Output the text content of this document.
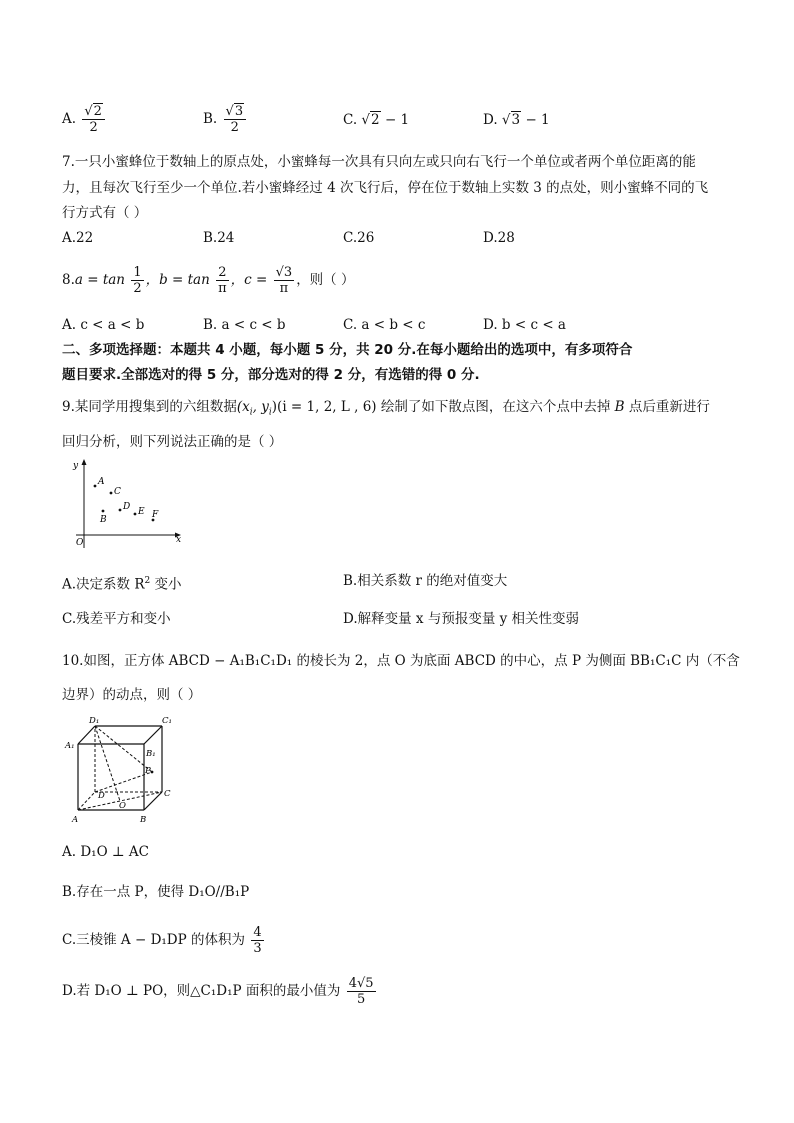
A. $\frac{√2}{2}$	B. $\frac{√3}{2}$	C. √2 − 1	D. √3 − 1
7.一只小蜜蜂位于数轴上的原点处，小蜜蜂每一次具有只向左或只向右飞行一个单位或者两个单位距离的能
力，且每次飞行至少一个单位.若小蜜蜂经过 4 次飞行后，停在位于数轴上实数 3 的点处，则小蜜蜂不同的飞
行方式有（ ）
A.22	B.24	C.26	D.28
$8.a = \tan \frac{1}{2}$ ，$b = \tan \frac{2}{\pi}$ ，$c = \frac{√3}{\pi}$ ，则（ ）
A. c < a < b	B. a < c < b	C. a < b < c	D. b < c < a
二、多项选择题：本题共 4 小题，每小题 5 分，共 20 分.在每小题给出的选项中，有多项符合
题目要求.全部选对的得 5 分，部分选对的得 2 分，有选错的得 0 分.
9.某同学用搜集到的六组数据($x_i$, $y_i)(i = 1$, 2, L , 6) 绘制了如下散点图，在这六个点中去掉 B 点后重新进行
回归分析，则下列说法正确的是（ ）
y
x
O
A
C
B
D E F
A.决定系数 $R^2$ 变小	B.相关系数 r 的绝对值变大
C.残差平方和变小	D.解释变量 x 与预报变量 y 相关性变弱
10.如图，正方体 ABCD − A₁B₁C₁D₁ 的棱长为 2，点 O 为底面 ABCD 的中心，点 P 为侧面 BB₁C₁C 内（不含
边界）的动点，则（ ）
D₁	C₁
A₁
B₁
P
D
O
C
A	B
A. D₁O ⊥ AC
B.存在一点 P，使得 D₁O//B₁P
C.三棱锥 A − D₁DP 的体积为 $\frac{4}{3}$
D.若 D₁O ⊥ PO，则△C₁D₁P 面积的最小值为 $\frac{4√5}{5}$
